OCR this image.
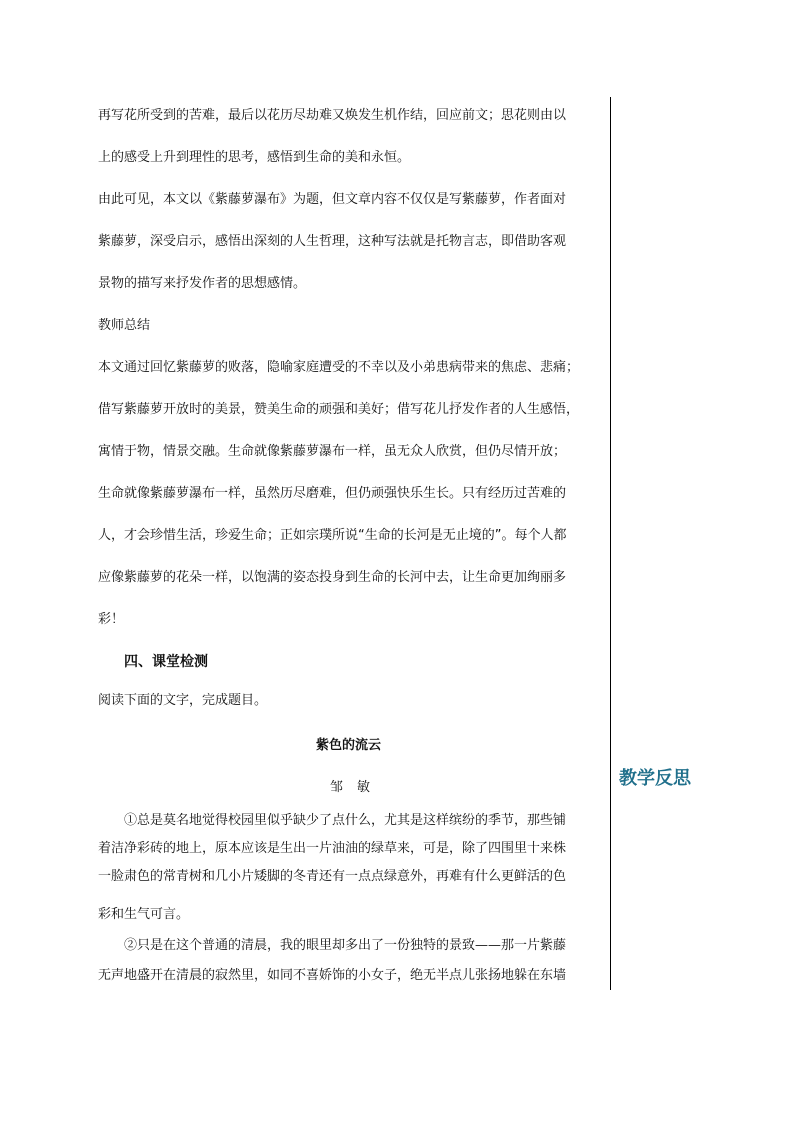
再写花所受到的苦难，最后以花历尽劫难又焕发生机作结，回应前文；思花则由以
上的感受上升到理性的思考，感悟到生命的美和永恒。
由此可见，本文以《紫藤萝瀑布》为题，但文章内容不仅仅是写紫藤萝，作者面对
紫藤萝，深受启示，感悟出深刻的人生哲理，这种写法就是托物言志，即借助客观
景物的描写来抒发作者的思想感情。
教师总结
本文通过回忆紫藤萝的败落，隐喻家庭遭受的不幸以及小弟患病带来的焦虑、悲痛；
借写紫藤萝开放时的美景，赞美生命的顽强和美好；借写花儿抒发作者的人生感悟，
寓情于物，情景交融。生命就像紫藤萝瀑布一样，虽无众人欣赏，但仍尽情开放；
生命就像紫藤萝瀑布一样，虽然历尽磨难，但仍顽强快乐生长。只有经历过苦难的
人，才会珍惜生活，珍爱生命；正如宗璞所说“生命的长河是无止境的”。每个人都
应像紫藤萝的花朵一样，以饱满的姿态投身到生命的长河中去，让生命更加绚丽多
彩！
四、课堂检测
阅读下面的文字，完成题目。
紫色的流云
邹敏
①总是莫名地觉得校园里似乎缺少了点什么，尤其是这样缤纷的季节，那些铺
着洁净彩砖的地上，原本应该是生出一片油油的绿草来，可是，除了四围里十来株
一脸肃色的常青树和几小片矮脚的冬青还有一点点绿意外，再难有什么更鲜活的色
彩和生气可言。
②只是在这个普通的清晨，我的眼里却多出了一份独特的景致——那一片紫藤
无声地盛开在清晨的寂然里，如同不喜娇饰的小女子，绝无半点儿张扬地躲在东墙
教学反思
